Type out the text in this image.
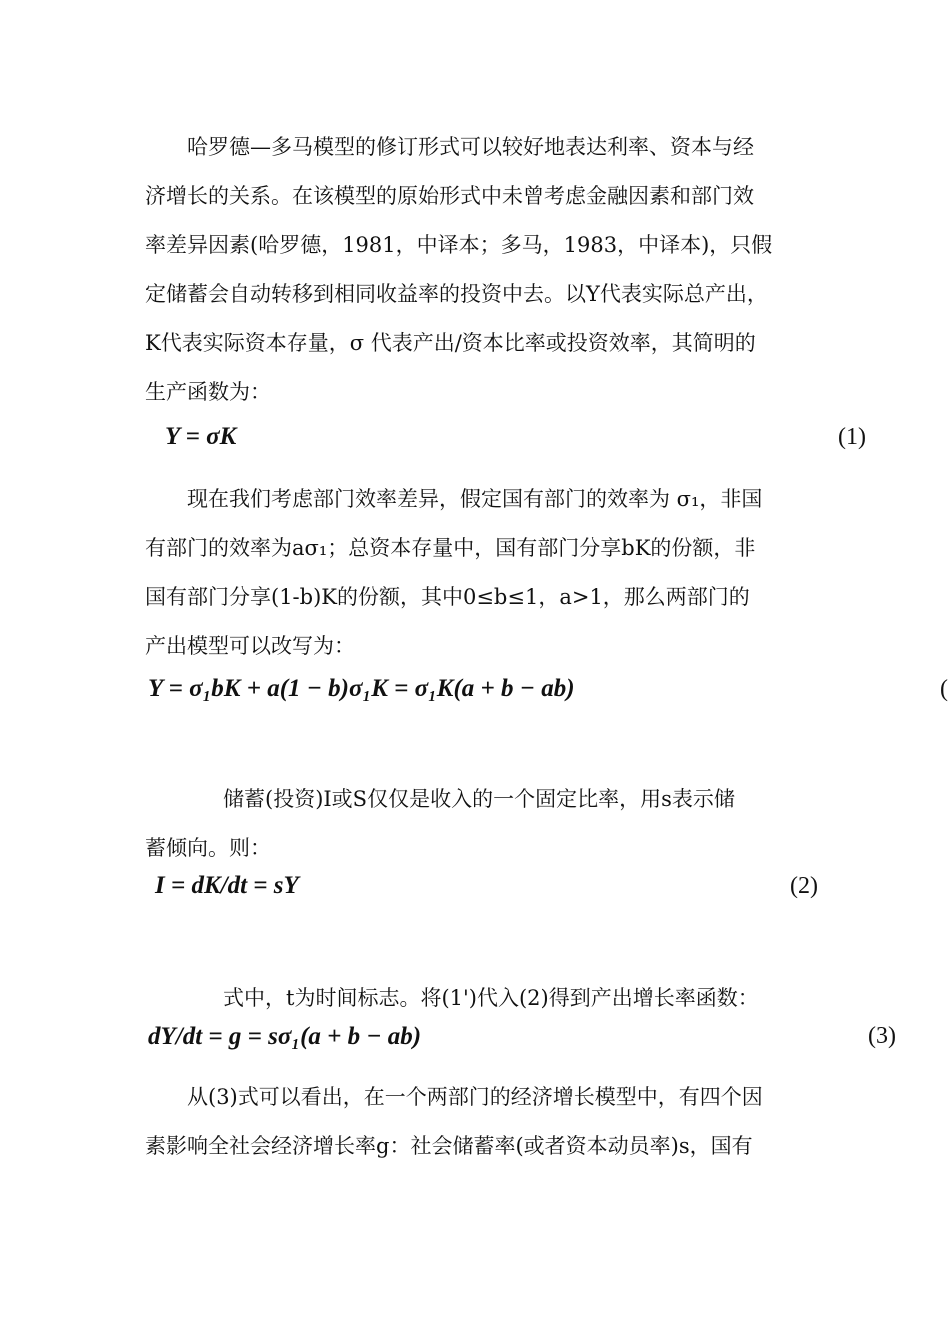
哈罗德—多马模型的修订形式可以较好地表达利率、资本与经
济增长的关系。在该模型的原始形式中未曾考虑金融因素和部门效
率差异因素(哈罗德，1981，中译本；多马，1983，中译本)，只假
定储蓄会自动转移到相同收益率的投资中去。以Y代表实际总产出，
K代表实际资本存量，σ 代表产出/资本比率或投资效率，其简明的
生产函数为：
Y = σK	(1)
现在我们考虑部门效率差异，假定国有部门的效率为 σ₁，非国
有部门的效率为aσ₁；总资本存量中，国有部门分享bK的份额，非
国有部门分享(1-b)K的份额，其中0≤b≤1，a>1，那么两部门的
产出模型可以改写为：
Y = σ₁bK + a(1 − b)σ₁K = σ₁K(a + b − ab)	(
储蓄(投资)I或S仅仅是收入的一个固定比率，用s表示储
蓄倾向。则：
I = dK/dt = sY	(2)
式中，t为时间标志。将(1')代入(2)得到产出增长率函数：
dY/dt = g = sσ₁(a + b − ab)	(3)
从(3)式可以看出，在一个两部门的经济增长模型中，有四个因
素影响全社会经济增长率g：社会储蓄率(或者资本动员率)s，国有
